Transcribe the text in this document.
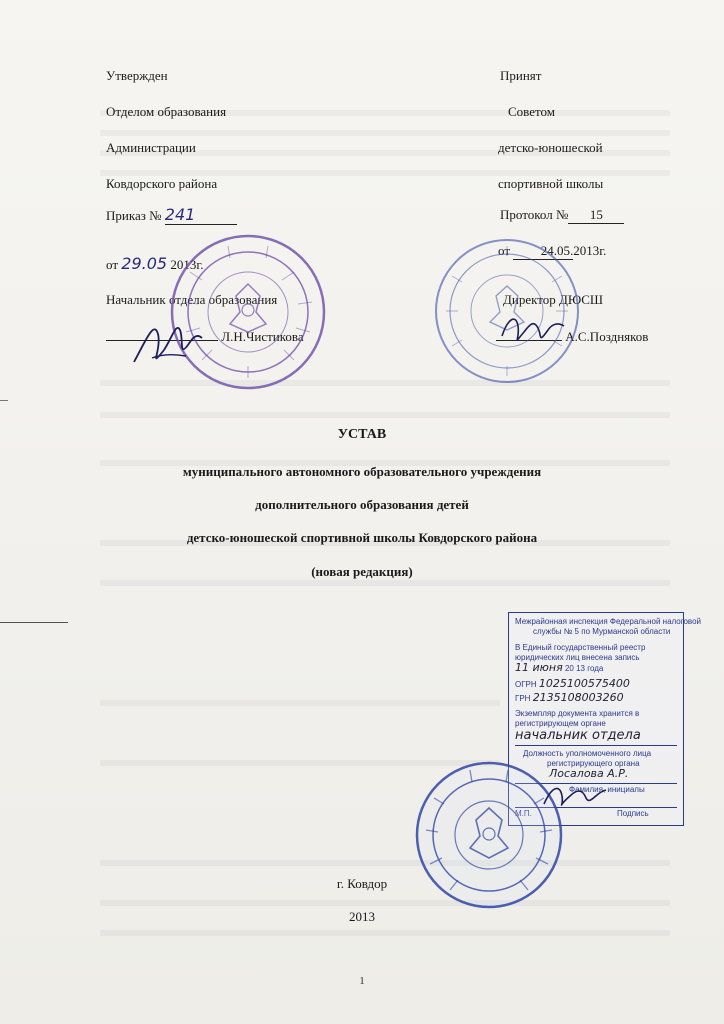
Утвержден
Отделом образования
Администрации
Ковдорского района
Приказ № 241
от 29.05 2013г.
Начальник отдела образования
Л.Н.Чистикова
Принят
Советом
детско-юношеской
спортивной школы
Протокол № 15
от 24.05.2013г.
Директор ДЮСШ
А.С.Поздняков
УСТАВ
муниципального автономного образовательного учреждения
дополнительного образования детей
детско-юношеской спортивной школы Ковдорского района
(новая редакция)
г. Ковдор
2013
1
Межрайонная инспекция Федеральной налоговой
службы № 5 по Мурманской области
В Единый государственный реестр
юридических лиц внесена запись
11 июня 20 13 года
ОГРН 1025100575400
ГРН 2135108003260
Экземпляр документа хранится в
регистрирующем органе
начальник отдела
Должность уполномоченного лица
регистрирующего органа
Лосалова А.Р.
Фамилия, инициалы
Подпись
